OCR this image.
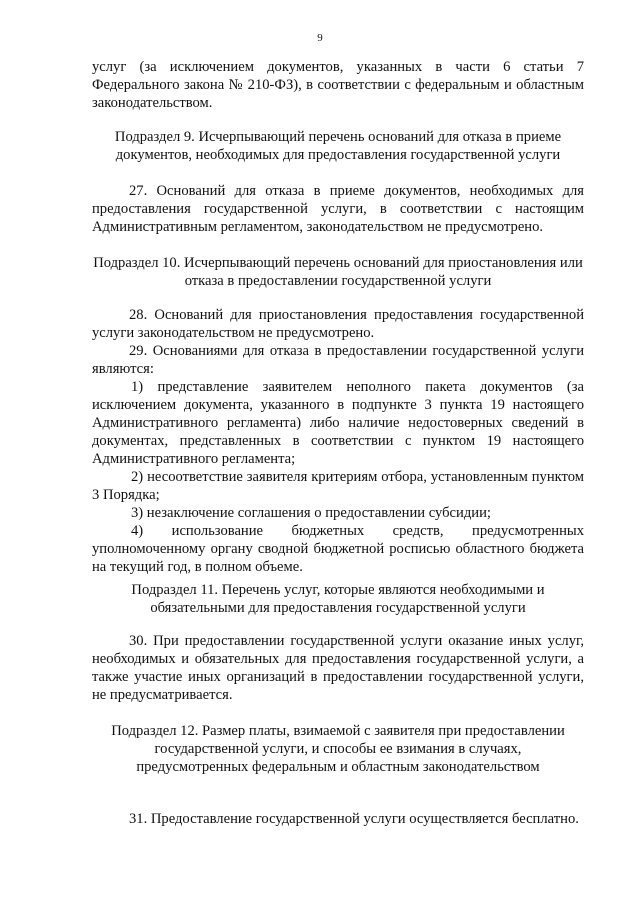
9
услуг (за исключением документов, указанных в части 6 статьи 7 Федерального закона № 210-ФЗ), в соответствии с федеральным и областным законодательством.
Подраздел 9. Исчерпывающий перечень оснований для отказа в приеме документов, необходимых для предоставления государственной услуги
27. Оснований для отказа в приеме документов, необходимых для предоставления государственной услуги, в соответствии с настоящим Административным регламентом, законодательством не предусмотрено.
Подраздел 10. Исчерпывающий перечень оснований для приостановления или отказа в предоставлении государственной услуги
28. Оснований для приостановления предоставления государственной услуги законодательством не предусмотрено.
29. Основаниями для отказа в предоставлении государственной услуги являются:
1) представление заявителем неполного пакета документов (за исключением документа, указанного в подпункте 3 пункта 19 настоящего Административного регламента) либо наличие недостоверных сведений в документах, представленных в соответствии с пунктом 19 настоящего Административного регламента;
2) несоответствие заявителя критериям отбора, установленным пунктом 3 Порядка;
3) незаключение соглашения о предоставлении субсидии;
4) использование бюджетных средств, предусмотренных уполномоченному органу сводной бюджетной росписью областного бюджета на текущий год, в полном объеме.
Подраздел 11. Перечень услуг, которые являются необходимыми и обязательными для предоставления государственной услуги
30. При предоставлении государственной услуги оказание иных услуг, необходимых и обязательных для предоставления государственной услуги, а также участие иных организаций в предоставлении государственной услуги, не предусматривается.
Подраздел 12. Размер платы, взимаемой с заявителя при предоставлении государственной услуги, и способы ее взимания в случаях, предусмотренных федеральным и областным законодательством
31. Предоставление государственной услуги осуществляется бесплатно.
